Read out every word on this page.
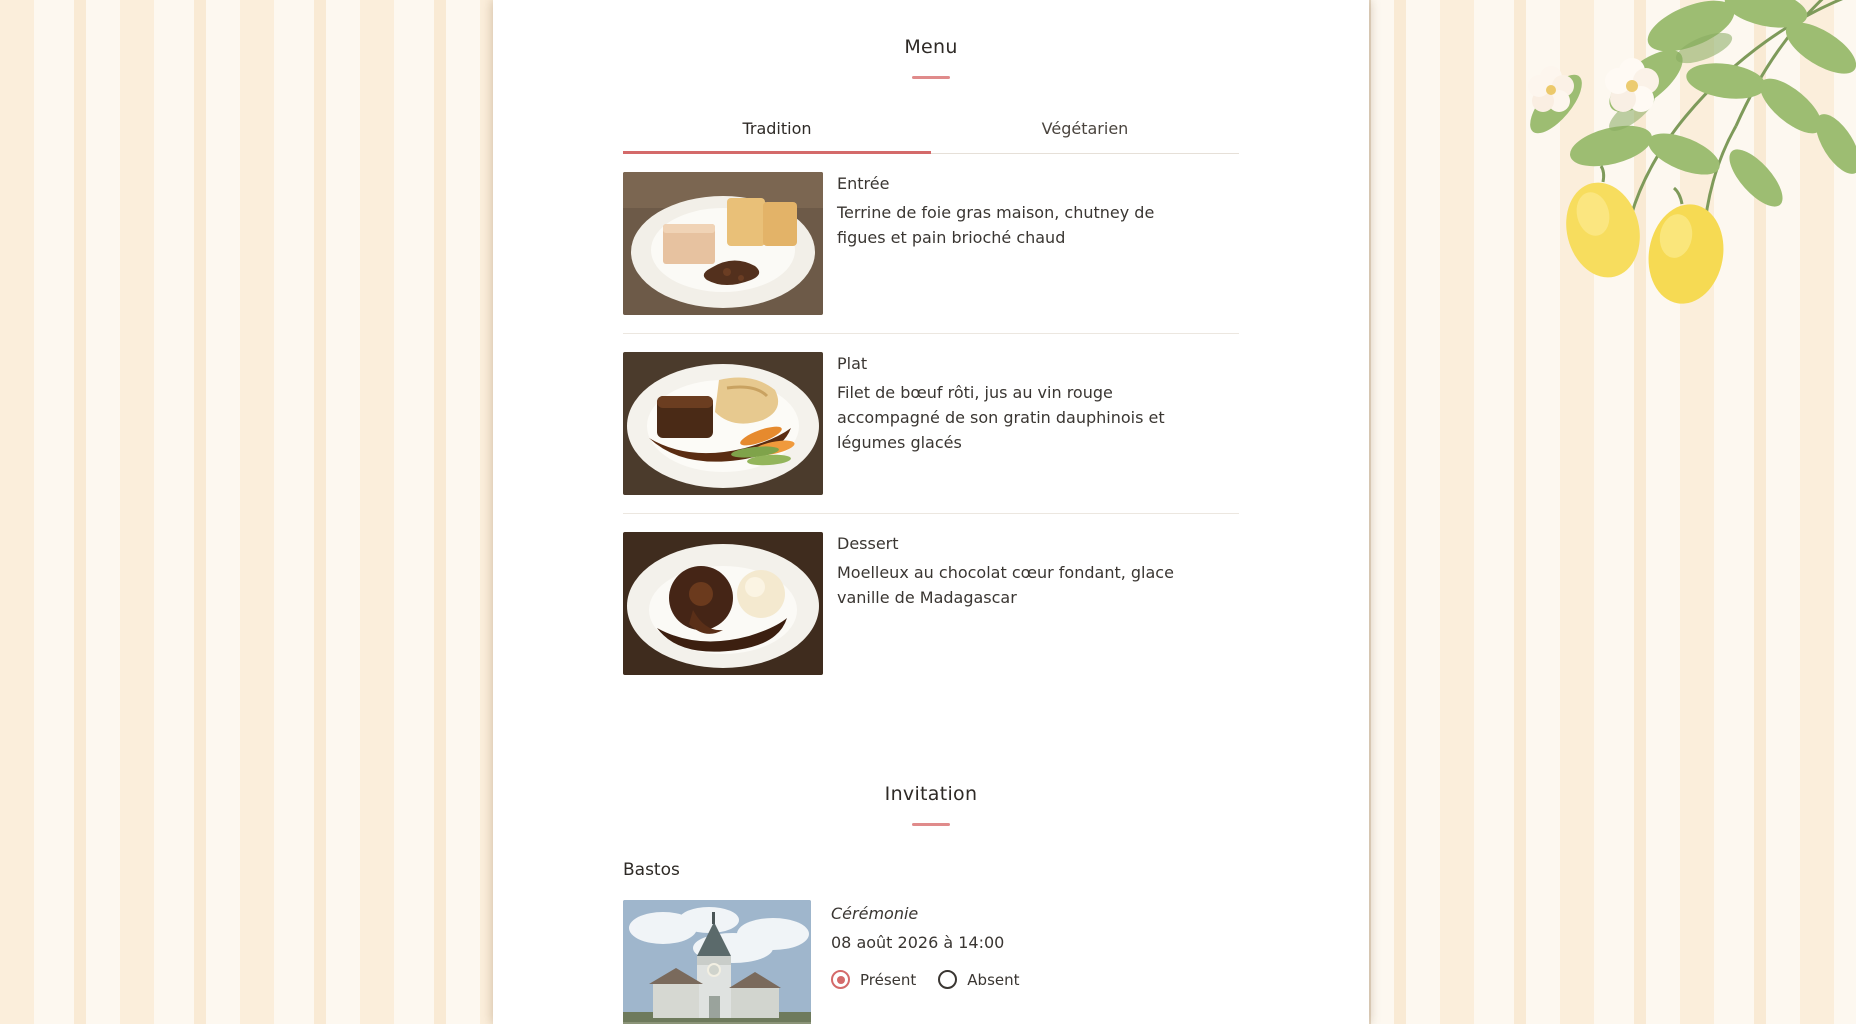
Menu
Tradition	Végétarien
Entrée
Terrine de foie gras maison, chutney de figues et pain brioché chaud
Plat
Filet de bœuf rôti, jus au vin rouge accompagné de son gratin dauphinois et légumes glacés
Dessert
Moelleux au chocolat cœur fondant, glace vanille de Madagascar
Invitation
Bastos
Cérémonie
08 août 2026 à 14:00
Présent	Absent
